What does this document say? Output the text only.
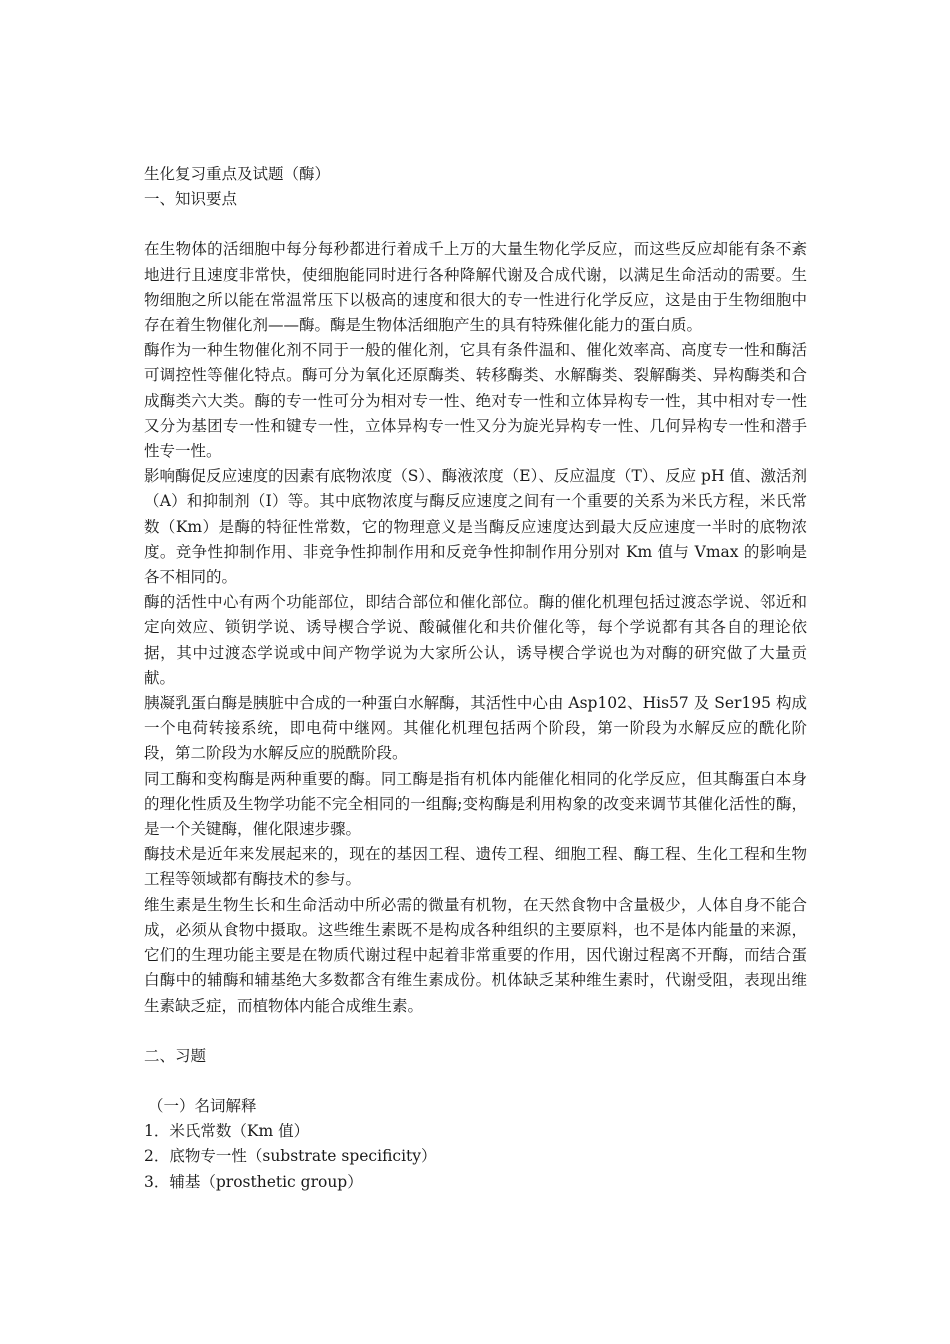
生化复习重点及试题（酶）

一、知识要点

在生物体的活细胞中每分每秒都进行着成千上万的大量生物化学反应，而这些反应却能有条不紊地进行且速度非常快，使细胞能同时进行各种降解代谢及合成代谢，以满足生命活动的需要。生物细胞之所以能在常温常压下以极高的速度和很大的专一性进行化学反应，这是由于生物细胞中存在着生物催化剂——酶。酶是生物体活细胞产生的具有特殊催化能力的蛋白质。

酶作为一种生物催化剂不同于一般的催化剂，它具有条件温和、催化效率高、高度专一性和酶活可调控性等催化特点。酶可分为氧化还原酶类、转移酶类、水解酶类、裂解酶类、异构酶类和合成酶类六大类。酶的专一性可分为相对专一性、绝对专一性和立体异构专一性，其中相对专一性又分为基团专一性和键专一性，立体异构专一性又分为旋光异构专一性、几何异构专一性和潜手性专一性。

影响酶促反应速度的因素有底物浓度（S）、酶液浓度（E）、反应温度（T）、反应 pH 值、激活剂（A）和抑制剂（I）等。其中底物浓度与酶反应速度之间有一个重要的关系为米氏方程，米氏常数（Km）是酶的特征性常数，它的物理意义是当酶反应速度达到最大反应速度一半时的底物浓度。竞争性抑制作用、非竞争性抑制作用和反竞争性抑制作用分别对 Km 值与 Vmax 的影响是各不相同的。

酶的活性中心有两个功能部位，即结合部位和催化部位。酶的催化机理包括过渡态学说、邻近和定向效应、锁钥学说、诱导楔合学说、酸碱催化和共价催化等，每个学说都有其各自的理论依据，其中过渡态学说或中间产物学说为大家所公认，诱导楔合学说也为对酶的研究做了大量贡献。

胰凝乳蛋白酶是胰脏中合成的一种蛋白水解酶，其活性中心由 Asp102、His57 及 Ser195 构成一个电荷转接系统，即电荷中继网。其催化机理包括两个阶段，第一阶段为水解反应的酰化阶段，第二阶段为水解反应的脱酰阶段。

同工酶和变构酶是两种重要的酶。同工酶是指有机体内能催化相同的化学反应，但其酶蛋白本身的理化性质及生物学功能不完全相同的一组酶;变构酶是利用构象的改变来调节其催化活性的酶，是一个关键酶，催化限速步骤。

酶技术是近年来发展起来的，现在的基因工程、遗传工程、细胞工程、酶工程、生化工程和生物工程等领域都有酶技术的参与。

维生素是生物生长和生命活动中所必需的微量有机物，在天然食物中含量极少，人体自身不能合成，必须从食物中摄取。这些维生素既不是构成各种组织的主要原料，也不是体内能量的来源，它们的生理功能主要是在物质代谢过程中起着非常重要的作用，因代谢过程离不开酶，而结合蛋白酶中的辅酶和辅基绝大多数都含有维生素成份。机体缺乏某种维生素时，代谢受阻，表现出维生素缺乏症，而植物体内能合成维生素。

二、习题

（一）名词解释

1．米氏常数（Km 值）

2．底物专一性（substrate specificity）

3．辅基（prosthetic group）
